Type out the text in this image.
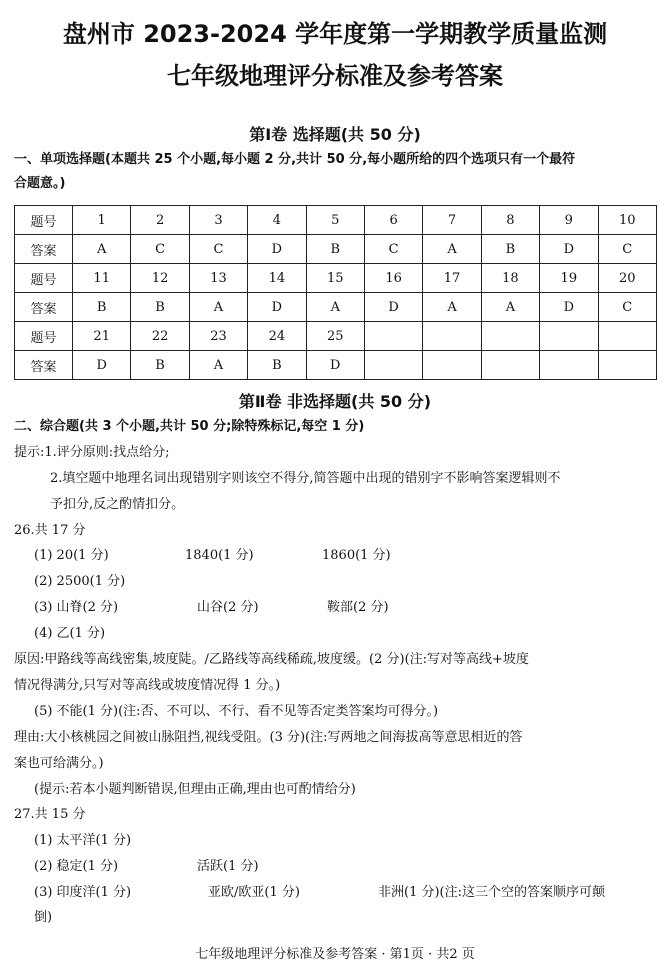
盘州市 2023-2024 学年度第一学期教学质量监测
七年级地理评分标准及参考答案
第Ⅰ卷 选择题(共 50 分)
一、单项选择题(本题共 25 个小题,每小题 2 分,共计 50 分,每小题所给的四个选项只有一个最符
合题意。)
题号	1	2	3	4	5	6	7	8	9	10
答案	A	C	C	D	B	C	A	B	D	C
题号	11	12	13	14	15	16	17	18	19	20
答案	B	B	A	D	A	D	A	A	D	C
题号	21	22	23	24	25					
答案	D	B	A	B	D					
第Ⅱ卷 非选择题(共 50 分)
二、综合题(共 3 个小题,共计 50 分;除特殊标记,每空 1 分)
提示:1.评分原则:找点给分;
2.填空题中地理名词出现错别字则该空不得分,简答题中出现的错别字不影响答案逻辑则不
予扣分,反之酌情扣分。
26.共 17 分
(1) 20(1 分)	1840(1 分)	1860(1 分)
(2) 2500(1 分)
(3) 山脊(2 分)	山谷(2 分)	鞍部(2 分)
(4) 乙(1 分)
原因:甲路线等高线密集,坡度陡。/乙路线等高线稀疏,坡度缓。(2 分)(注:写对等高线+坡度
情况得满分,只写对等高线或坡度情况得 1 分。)
(5) 不能(1 分)(注:否、不可以、不行、看不见等否定类答案均可得分。)
理由:大小核桃园之间被山脉阻挡,视线受阻。(3 分)(注:写两地之间海拔高等意思相近的答
案也可给满分。)
(提示:若本小题判断错误,但理由正确,理由也可酌情给分)
27.共 15 分
(1) 太平洋(1 分)
(2) 稳定(1 分)	活跃(1 分)
(3) 印度洋(1 分)	亚欧/欧亚(1 分)	非洲(1 分)(注:这三个空的答案顺序可颠
倒)
七年级地理评分标准及参考答案 · 第1页 · 共2 页
